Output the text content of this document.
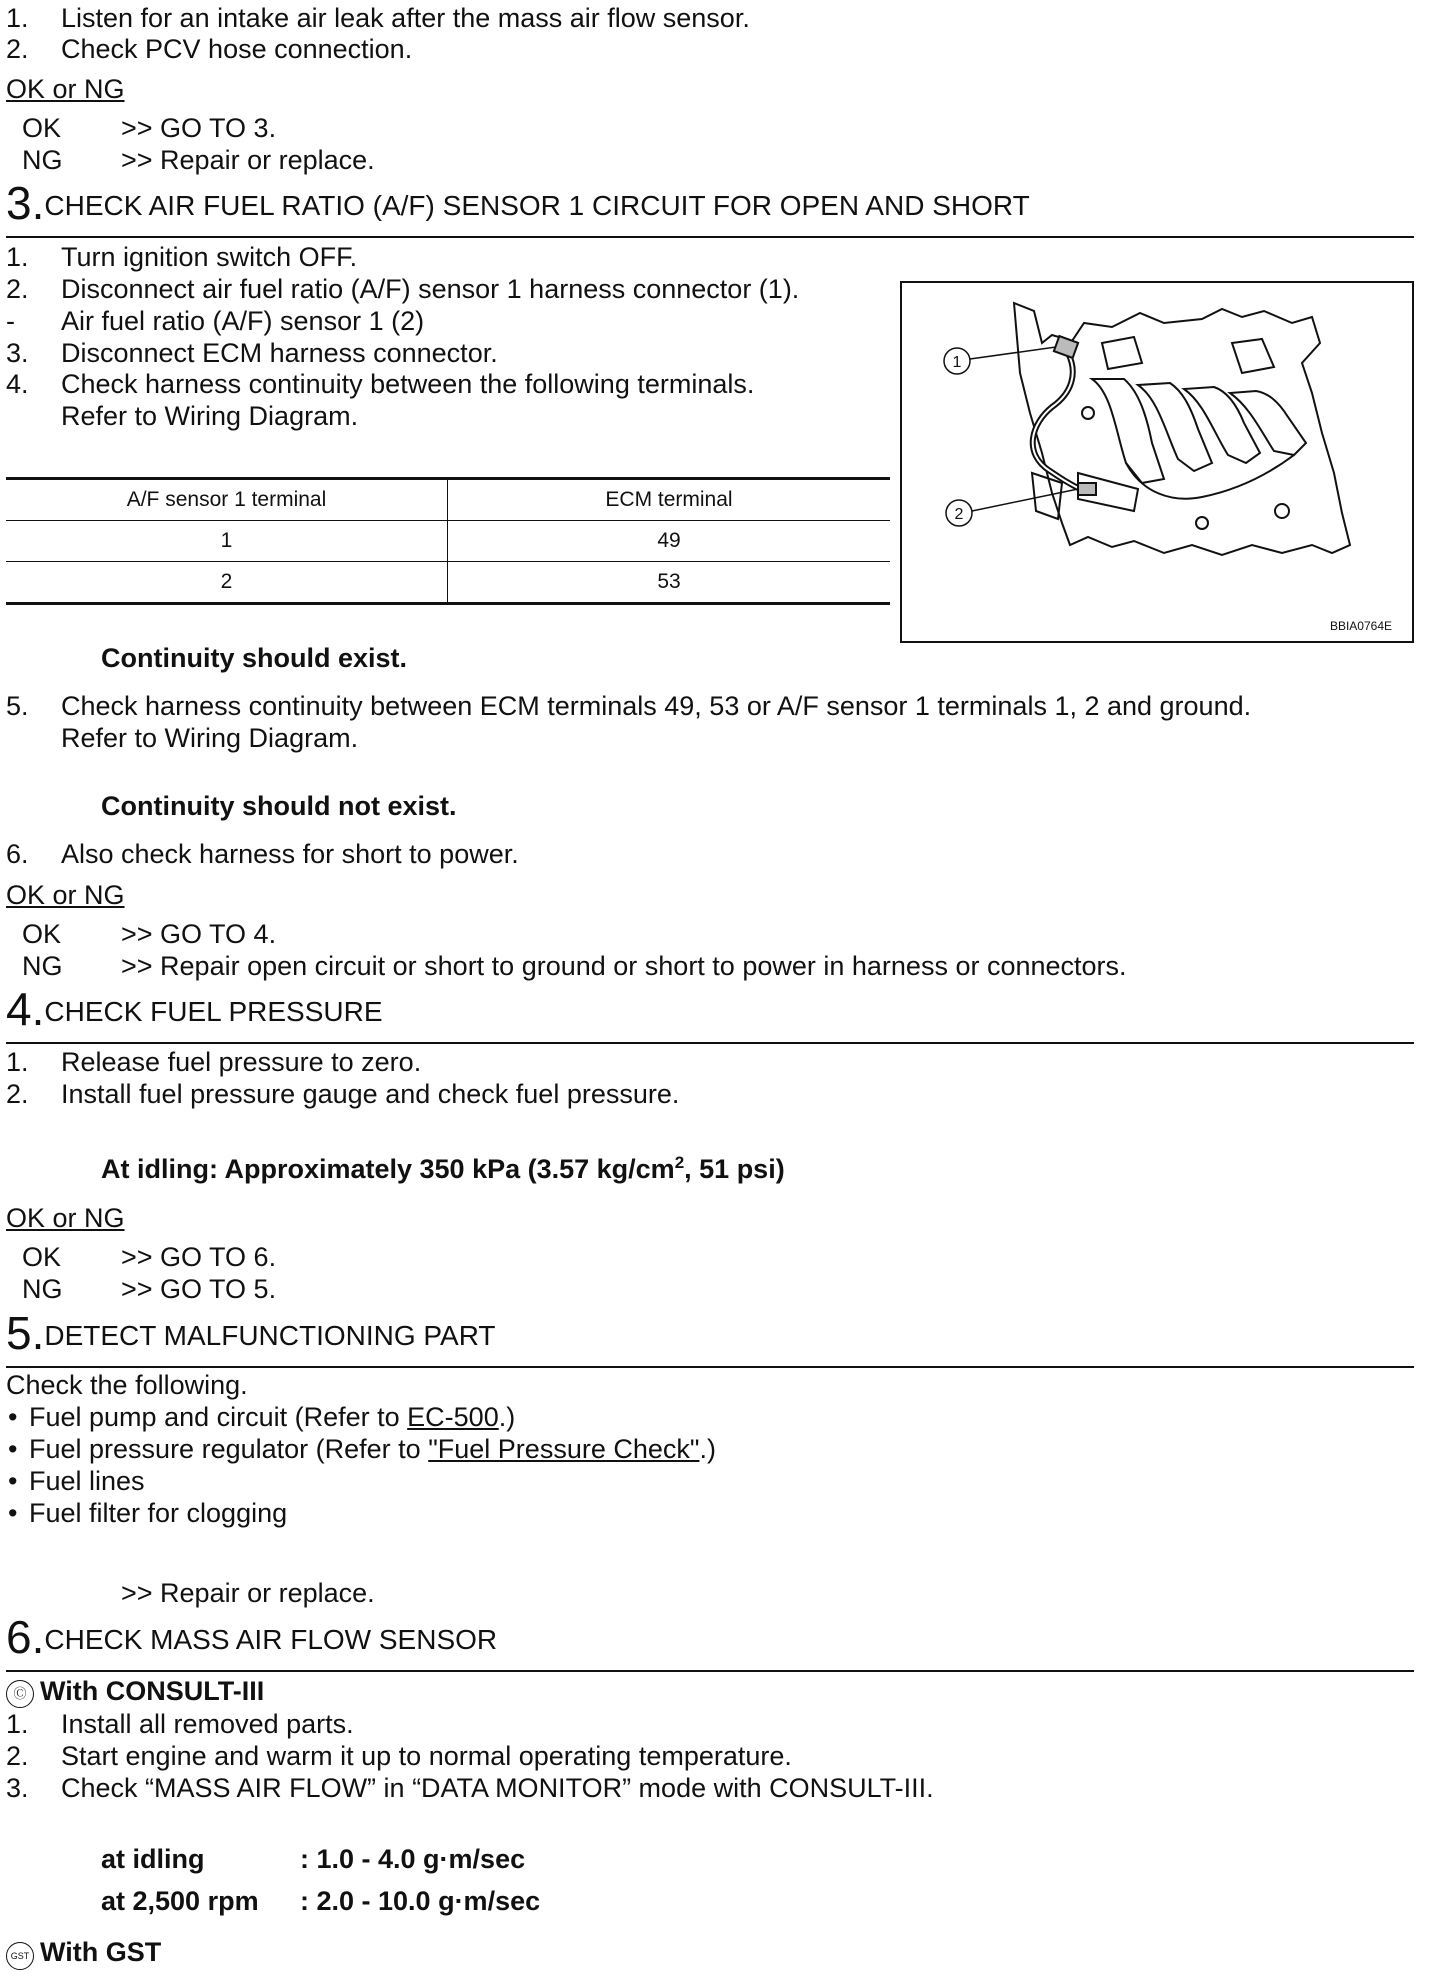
1. Listen for an intake air leak after the mass air flow sensor.
2. Check PCV hose connection.
OK or NG
OK >> GO TO 3.
NG >> Repair or replace.
3.CHECK AIR FUEL RATIO (A/F) SENSOR 1 CIRCUIT FOR OPEN AND SHORT
1. Turn ignition switch OFF.
2. Disconnect air fuel ratio (A/F) sensor 1 harness connector (1).
- Air fuel ratio (A/F) sensor 1 (2)
3. Disconnect ECM harness connector.
4. Check harness continuity between the following terminals.
Refer to Wiring Diagram.
A/F sensor 1 terminal	ECM terminal
1	49
2	53
1
2
BBIA0764E
Continuity should exist.
5. Check harness continuity between ECM terminals 49, 53 or A/F sensor 1 terminals 1, 2 and ground.
Refer to Wiring Diagram.
Continuity should not exist.
6. Also check harness for short to power.
OK or NG
OK >> GO TO 4.
NG >> Repair open circuit or short to ground or short to power in harness or connectors.
4.CHECK FUEL PRESSURE
1. Release fuel pressure to zero.
2. Install fuel pressure gauge and check fuel pressure.
At idling: Approximately 350 kPa (3.57 $kg/cm^2$, 51 psi)
OK or NG
OK >> GO TO 6.
NG >> GO TO 5.
5.DETECT MALFUNCTIONING PART
Check the following.
• Fuel pump and circuit (Refer to EC-500.)
• Fuel pressure regulator (Refer to "Fuel Pressure Check".)
• Fuel lines
• Fuel filter for clogging
>> Repair or replace.
6.CHECK MASS AIR FLOW SENSOR
Ⓒ With CONSULT-III
1. Install all removed parts.
2. Start engine and warm it up to normal operating temperature.
3. Check “MASS AIR FLOW” in “DATA MONITOR” mode with CONSULT-III.
at idling	: 1.0 - 4.0 g·m/sec
at 2,500 rpm : 2.0 - 10.0 g·m/sec
GST With GST
